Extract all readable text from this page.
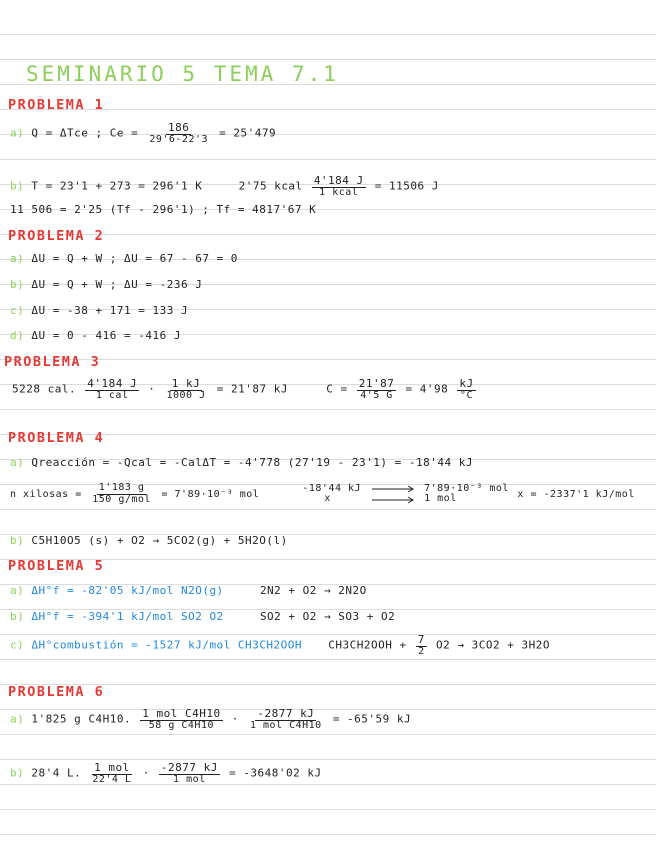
SEMINARIO 5 TEMA 7.1
PROBLEMA 1
a) Q = ΔTce ; $Ce = \frac{186}{29'6-22'3} = 25'479$
b) T = 23'1 + 273 = 296'1 K	2'75 kcal $\frac{4'184 J}{\text{1 kcal}} = 11506$ J
11 506 = 2'25 (Tf - 296'1) ; Tf = 4817'67 K
PROBLEMA 2
a) ΔU = Q + W ; ΔU = 67 - 67 = 0
b) ΔU = Q + W ; ΔU = -236 J
c) ΔU = -38 + 171 = 133 J
d) ΔU = 0 - 416 = -416 J
PROBLEMA 3
5228 cal. $\frac{4'184 J}{\text{1 cal}} \cdot \frac{1 kJ}{1000 J} = 21'87$ kJ	$C = \frac{21'87}{4'5 G} = 4'98 \frac{kJ}{^\circ C}$
PROBLEMA 4
a) Qreacción = -Qcal = -CalΔT = -4'778 (27'19 - 23'1) = -18'44 kJ
n xilosas = $\frac{1'183 g}{\text{150 g/mol}} = 7'89\cdot 10^{-3}$ mol
-18'44 kJ
x

7'89·10⁻³ mol
1 mol	x = -2337'1 kJ/mol
b) C5H10O5 (s) + O2 → 5CO2(g) + 5H2O(l)
PROBLEMA 5
a) ΔH°f = -82'05 kJ/mol N2O(g)	2N2 + O2 → 2N2O
b) ΔH°f = -394'1 kJ/mol SO2 O2	SO2 + O2 → SO3 + O2
c) ΔH°combustión = -1527 kJ/mol CH3CH2OOH $CH3CH2OOH + \frac{7}{2} O2 \to 3CO2 + 3H2O$
PROBLEMA 6
a) 1'825 g C4H10. $\frac{\text{1 mol C4H10}}{\text{58 g C4H10}} \cdot \frac{-2877 kJ}{\text{1 mol C4H10}} = -65'59$ kJ
b) 28'4 L. $\frac{\text{1 mol}}{22'4 L} \cdot \frac{-2877 kJ}{\text{1 mol}} = -3648'02$ kJ
